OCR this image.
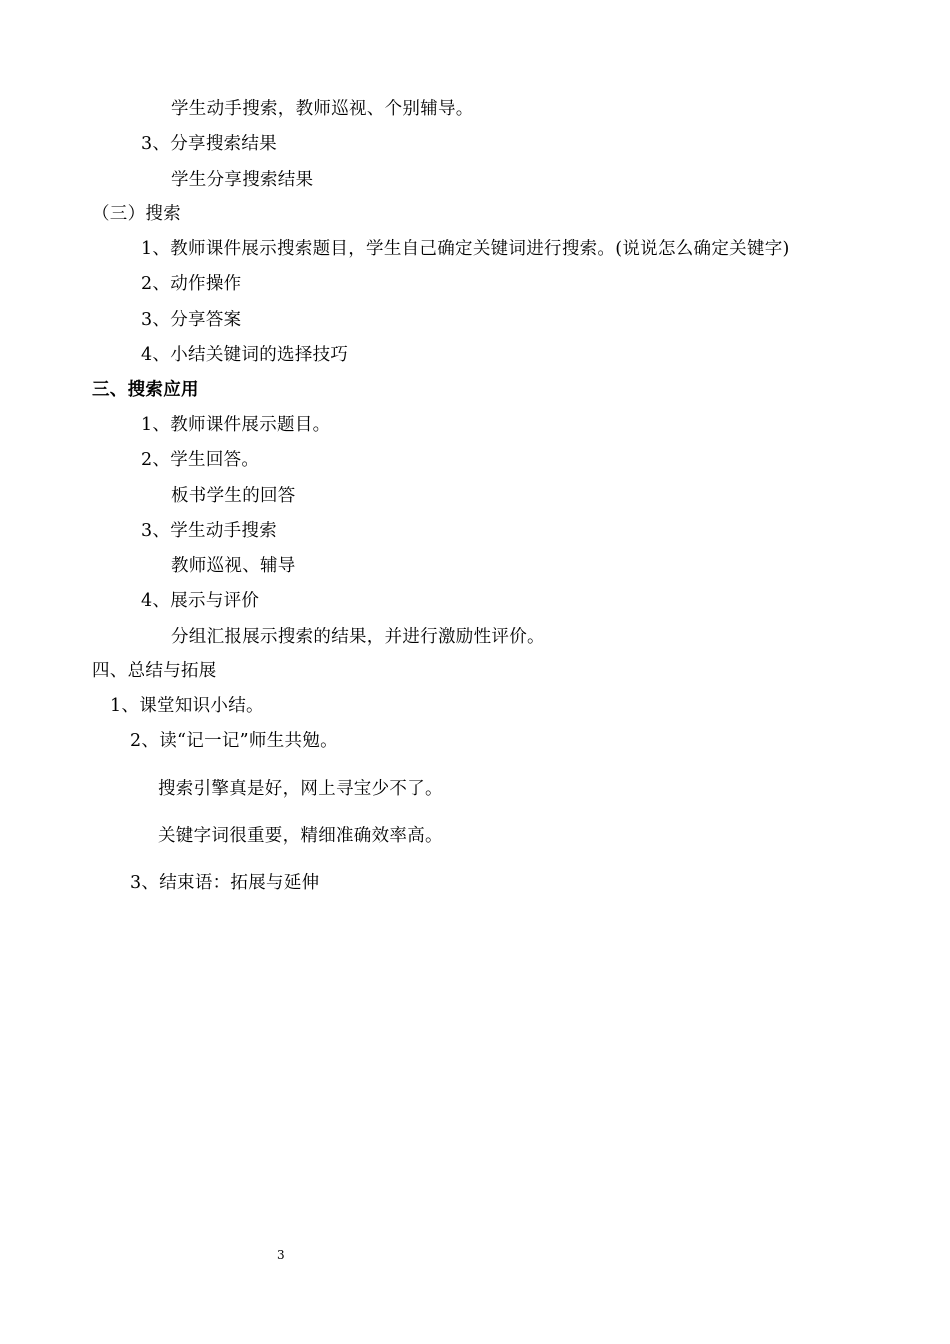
学生动手搜索，教师巡视、个别辅导。
3、分享搜索结果
学生分享搜索结果
（三）搜索
1、教师课件展示搜索题目，学生自己确定关键词进行搜索。(说说怎么确定关键字)
2、动作操作
3、分享答案
4、小结关键词的选择技巧
三、搜索应用
1、教师课件展示题目。
2、学生回答。
板书学生的回答
3、学生动手搜索
教师巡视、辅导
4、展示与评价
分组汇报展示搜索的结果，并进行激励性评价。
四、总结与拓展
1、课堂知识小结。
2、读“记一记”师生共勉。
搜索引擎真是好，网上寻宝少不了。
关键字词很重要，精细准确效率高。
3、结束语：拓展与延伸
3
